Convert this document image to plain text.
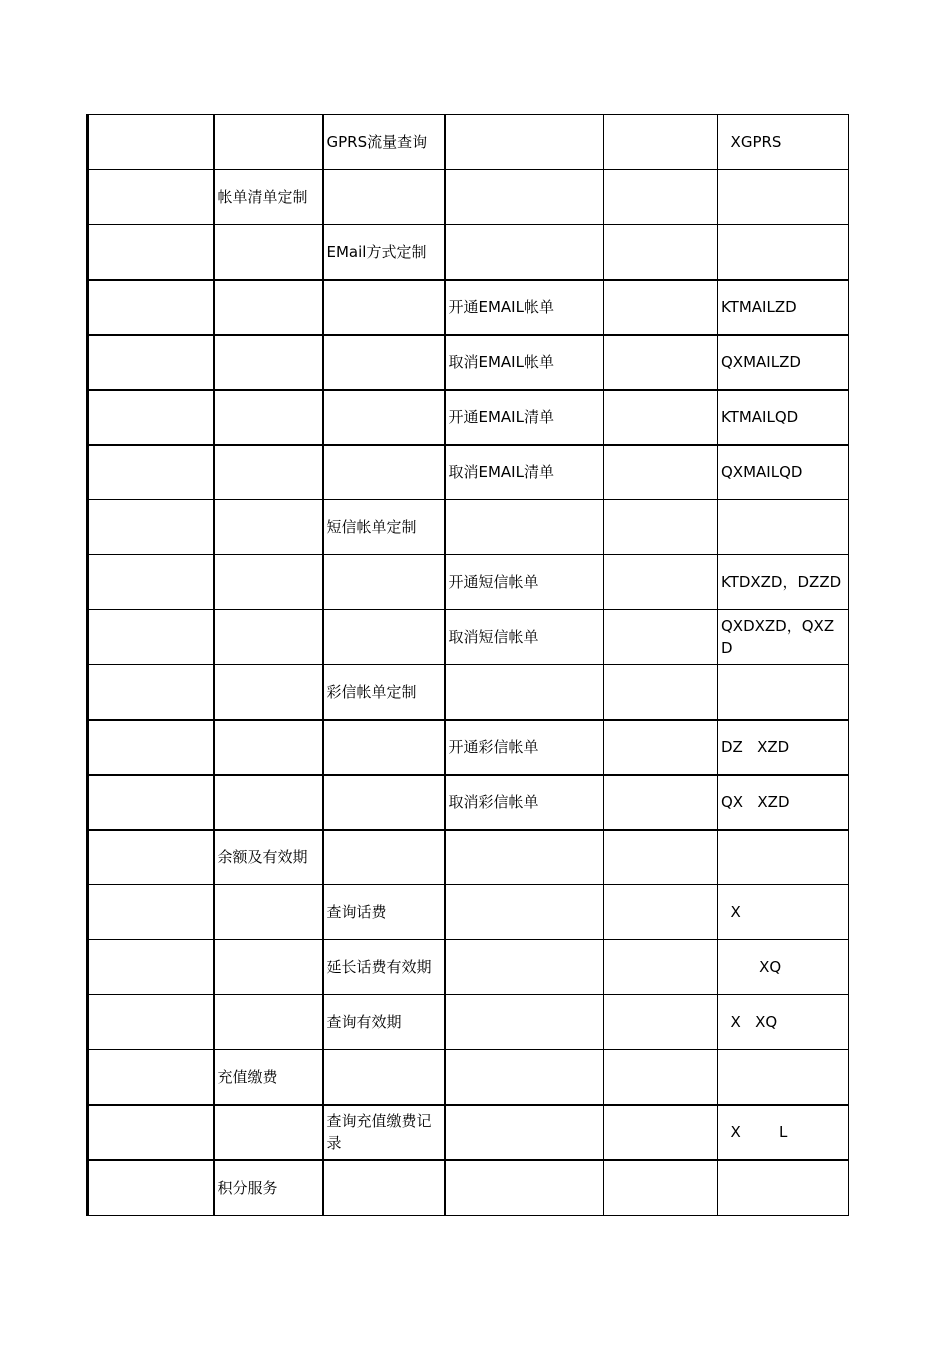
		GPRS流量查询			XGPRS
	帐单清单定制				
		EMail方式定制			
			开通EMAIL帐单		KTMAILZD
			取消EMAIL帐单		QXMAILZD
			开通EMAIL清单		KTMAILQD
			取消EMAIL清单		QXMAILQD
		短信帐单定制			
			开通短信帐单		KTDXZD，DZZD
			取消短信帐单		QXDXZD，QXZD
		彩信帐单定制			
			开通彩信帐单		DZ   XZD
			取消彩信帐单		QX   XZD
	余额及有效期				
		查询话费			X
		延长话费有效期			XQ
		查询有效期			X   XQ
	充值缴费				
		查询充值缴费记录			X        L
	积分服务				
